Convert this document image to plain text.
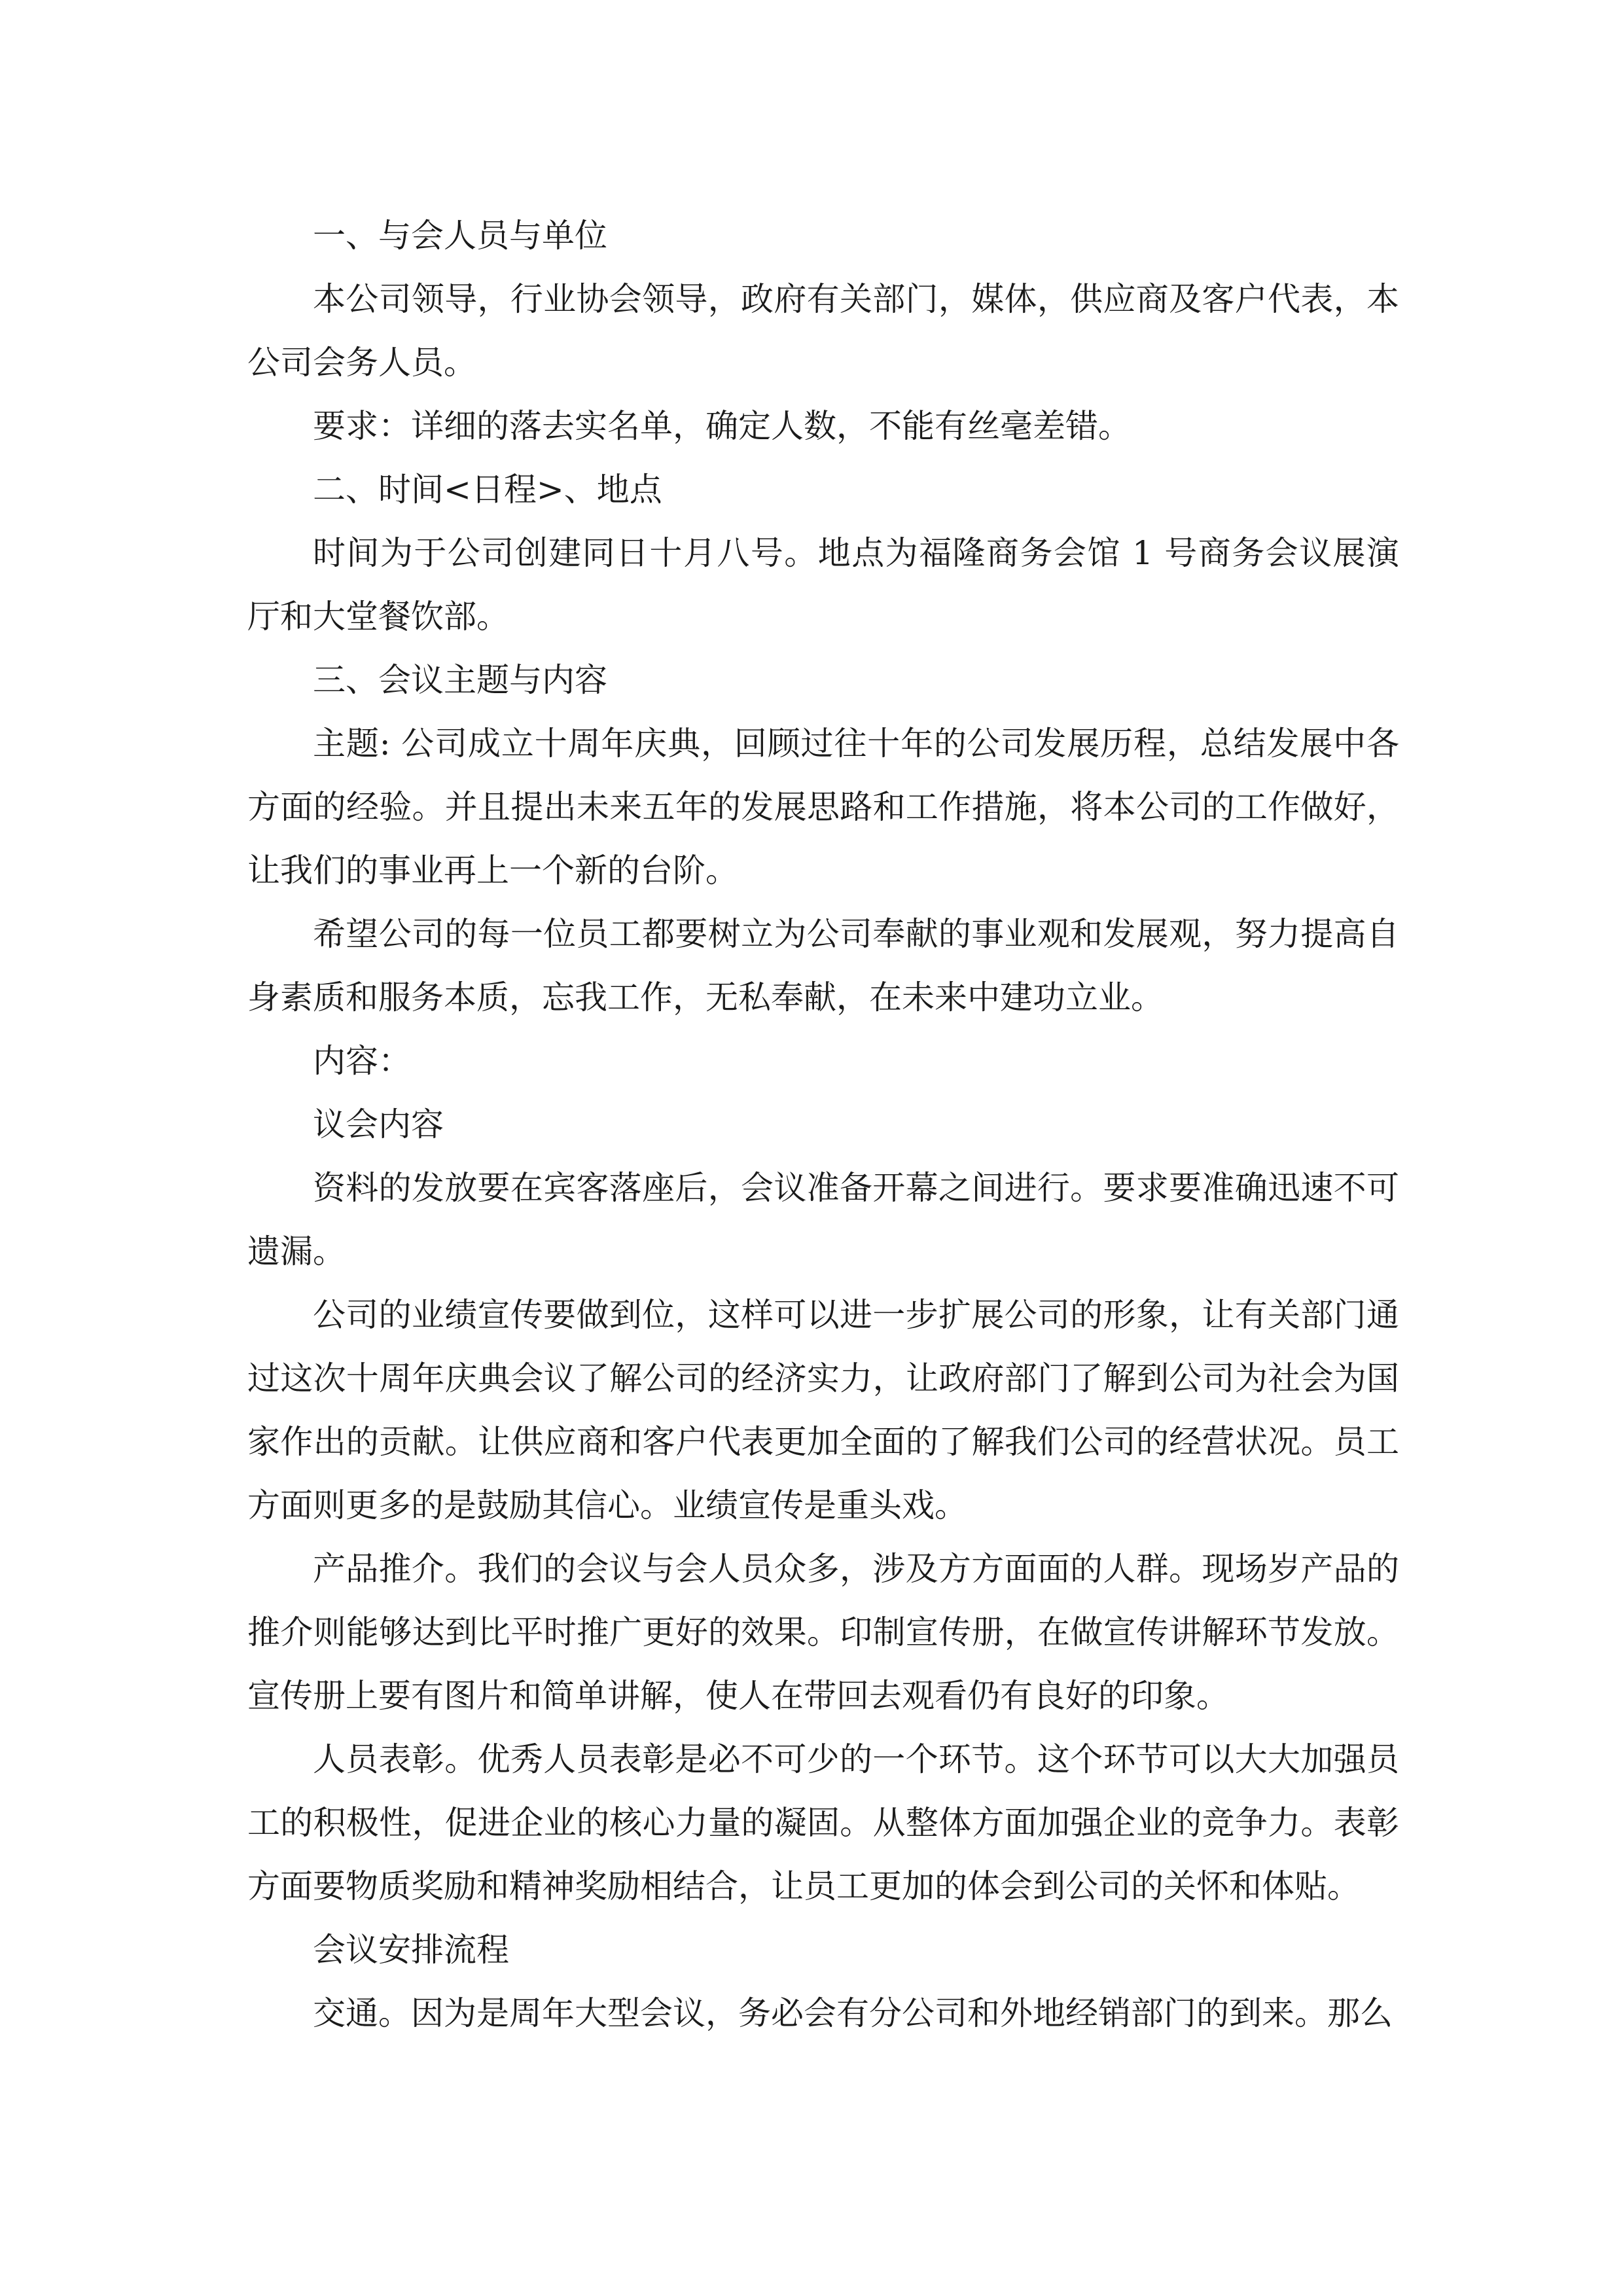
一、与会人员与单位

本公司领导，行业协会领导，政府有关部门，媒体，供应商及客户代表，本公司会务人员。

要求：详细的落去实名单，确定人数，不能有丝毫差错。

二、时间<日程>、地点

时间为于公司创建同日十月八号。地点为福隆商务会馆 1 号商务会议展演厅和大堂餐饮部。

三、会议主题与内容

主题: 公司成立十周年庆典，回顾过往十年的公司发展历程，总结发展中各方面的经验。并且提出未来五年的发展思路和工作措施，将本公司的工作做好，让我们的事业再上一个新的台阶。

希望公司的每一位员工都要树立为公司奉献的事业观和发展观，努力提高自身素质和服务本质，忘我工作，无私奉献，在未来中建功立业。

内容：

议会内容

资料的发放要在宾客落座后，会议准备开幕之间进行。要求要准确迅速不可遗漏。

公司的业绩宣传要做到位，这样可以进一步扩展公司的形象，让有关部门通过这次十周年庆典会议了解公司的经济实力，让政府部门了解到公司为社会为国家作出的贡献。让供应商和客户代表更加全面的了解我们公司的经营状况。员工方面则更多的是鼓励其信心。业绩宣传是重头戏。

产品推介。我们的会议与会人员众多，涉及方方面面的人群。现场岁产品的推介则能够达到比平时推广更好的效果。印制宣传册，在做宣传讲解环节发放。宣传册上要有图片和简单讲解，使人在带回去观看仍有良好的印象。

人员表彰。优秀人员表彰是必不可少的一个环节。这个环节可以大大加强员工的积极性，促进企业的核心力量的凝固。从整体方面加强企业的竞争力。表彰方面要物质奖励和精神奖励相结合，让员工更加的体会到公司的关怀和体贴。

会议安排流程

交通。因为是周年大型会议，务必会有分公司和外地经销部门的到来。那么
